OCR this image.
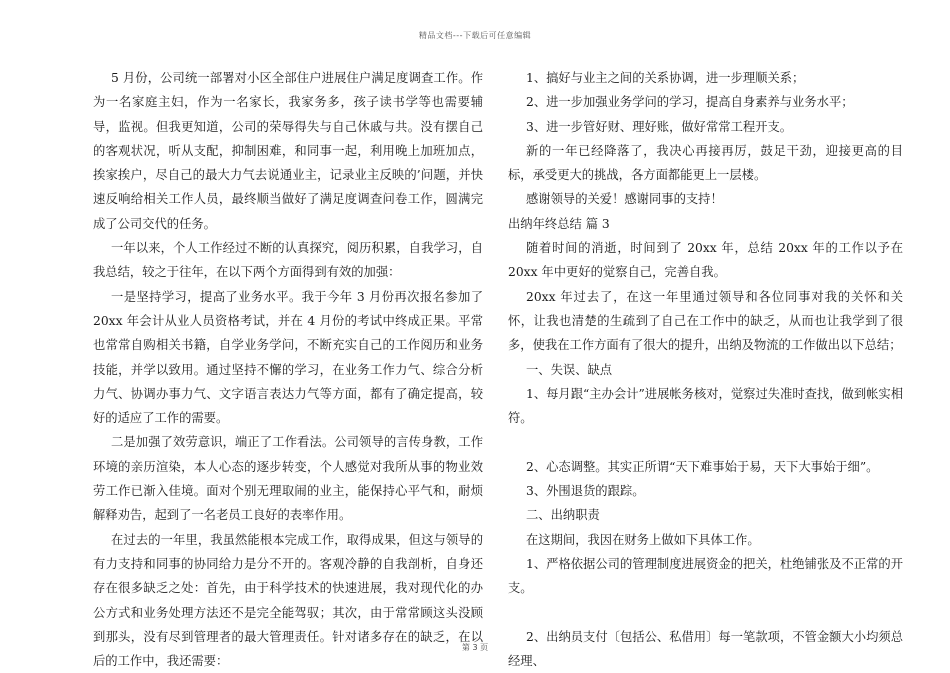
精品文档---下载后可任意编辑

5 月份，公司统一部署对小区全部住户进展住户满足度调查工作。作为一名家庭主妇，作为一名家长，我家务多，孩子读书学等也需要辅导，监视。但我更知道，公司的荣辱得失与自己休戚与共。没有摆自己的客观状况，听从支配，抑制困难，和同事一起，利用晚上加班加点，挨家挨户，尽自己的最大力气去说通业主，记录业主反映的’问题，并快速反响给相关工作人员，最终顺当做好了满足度调查问卷工作，圆满完成了公司交代的任务。

一年以来，个人工作经过不断的认真探究，阅历积累，自我学习，自我总结，较之于往年，在以下两个方面得到有效的加强：

一是坚持学习，提高了业务水平。我于今年 3 月份再次报名参加了 20xx 年会计从业人员资格考试，并在 4 月份的考试中终成正果。平常也常常自购相关书籍，自学业务学问，不断充实自己的工作阅历和业务技能，并学以致用。通过坚持不懈的学习，在业务工作力气、综合分析力气、协调办事力气、文字语言表达力气等方面，都有了确定提高，较好的适应了工作的需要。

二是加强了效劳意识，端正了工作看法。公司领导的言传身教，工作环境的亲历渲染，本人心态的逐步转变，个人感觉对我所从事的物业效劳工作已渐入佳境。面对个别无理取闹的业主，能保持心平气和，耐烦解释劝告，起到了一名老员工良好的表率作用。

在过去的一年里，我虽然能根本完成工作，取得成果，但这与领导的有力支持和同事的协同给力是分不开的。客观冷静的自我剖析，自身还存在很多缺乏之处：首先，由于科学技术的快速进展，我对现代化的办公方式和业务处理方法还不是完全能驾驭；其次，由于常常顾这头没顾到那头，没有尽到管理者的最大管理责任。针对诸多存在的缺乏，在以后的工作中，我还需要：

1、搞好与业主之间的关系协调，进一步理顺关系；

2、进一步加强业务学问的学习，提高自身素养与业务水平；

3、进一步管好财、理好账，做好常常工程开支。

新的一年已经降落了，我决心再接再厉，鼓足干劲，迎接更高的目标，承受更大的挑战，各方面都能更上一层楼。

感谢领导的关爱！感谢同事的支持！

出纳年终总结 篇 3

随着时间的消逝，时间到了 20xx 年，总结 20xx 年的工作以予在 20xx 年中更好的觉察自己，完善自我。

20xx 年过去了，在这一年里通过领导和各位同事对我的关怀和关怀，让我也清楚的生疏到了自己在工作中的缺乏，从而也让我学到了很多，使我在工作方面有了很大的提升，出纳及物流的工作做出以下总结；

一、失误、缺点

1、每月跟“主办会计”进展帐务核对，觉察过失准时查找，做到帐实相符。

2、心态调整。其实正所谓“天下难事始于易，天下大事始于细”。

3、外围退货的跟踪。

二、出纳职责

在这期间，我因在财务上做如下具体工作。

1、严格依据公司的管理制度进展资金的把关，杜绝铺张及不正常的开支。

2、出纳员支付〔包括公、私借用〕每一笔款项，不管金额大小均须总经理、

第 3 页
